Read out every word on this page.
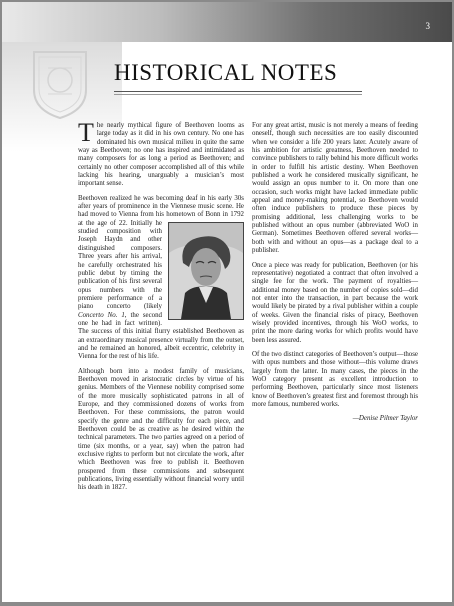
3
HISTORICAL NOTES

The nearly mythical figure of Beethoven looms as large today as it did in his own century. No one has dominated his own musical milieu in quite the same way as Beethoven; no one has inspired and intimidated as many composers for as long a period as Beethoven; and certainly no other composer accomplished all of this while lacking his hearing, unarguably a musician’s most important sense.

Beethoven realized he was becoming deaf in his early 30s after years of prominence in the Viennese music scene. He had moved to Vienna from his hometown of Bonn in 1792 at the age of 22. Initially he studied composition with Joseph Haydn and other distinguished composers. Three years after his arrival, he carefully orchestrated his public debut by timing the publication of his first several opus numbers with the premiere performance of a piano concerto (likely Concerto No. 1, the second one he had in fact written). The success of this initial flurry established Beethoven as an extraordinary musical presence virtually from the outset, and he remained an honored, albeit eccentric, celebrity in Vienna for the rest of his life.

Although born into a modest family of musicians, Beethoven moved in aristocratic circles by virtue of his genius. Members of the Viennese nobility comprised some of the more musically sophisticated patrons in all of Europe, and they commissioned dozens of works from Beethoven. For these commissions, the patron would specify the genre and the difficulty for each piece, and Beethoven could be as creative as he desired within the technical parameters. The two parties agreed on a period of time (six months, or a year, say) when the patron had exclusive rights to perform but not circulate the work, after which Beethoven was free to publish it. Beethoven prospered from these commissions and subsequent publications, living essentially without financial worry until his death in 1827.

For any great artist, music is not merely a means of feeding oneself, though such necessities are too easily discounted when we consider a life 200 years later. Acutely aware of his ambition for artistic greatness, Beethoven needed to convince publishers to rally behind his more difficult works in order to fulfill his artistic destiny. When Beethoven published a work he considered musically significant, he would assign an opus number to it. On more than one occasion, such works might have lacked immediate public appeal and money-making potential, so Beethoven would often induce publishers to produce these pieces by promising additional, less challenging works to be published without an opus number (abbreviated WoO in German). Sometimes Beethoven offered several works—both with and without an opus—as a package deal to a publisher.

Once a piece was ready for publication, Beethoven (or his representative) negotiated a contract that often involved a single fee for the work. The payment of royalties—additional money based on the number of copies sold—did not enter into the transaction, in part because the work would likely be pirated by a rival publisher within a couple of weeks. Given the financial risks of piracy, Beethoven wisely provided incentives, through his WoO works, to print the more daring works for which profits would have been less assured.

Of the two distinct categories of Beethoven’s output—those with opus numbers and those without—this volume draws largely from the latter. In many cases, the pieces in the WoO category present as excellent introduction to performing Beethoven, particularly since most listeners know of Beethoven’s greatest first and foremost through his more famous, numbered works.

—Denise Pilmer Taylor
